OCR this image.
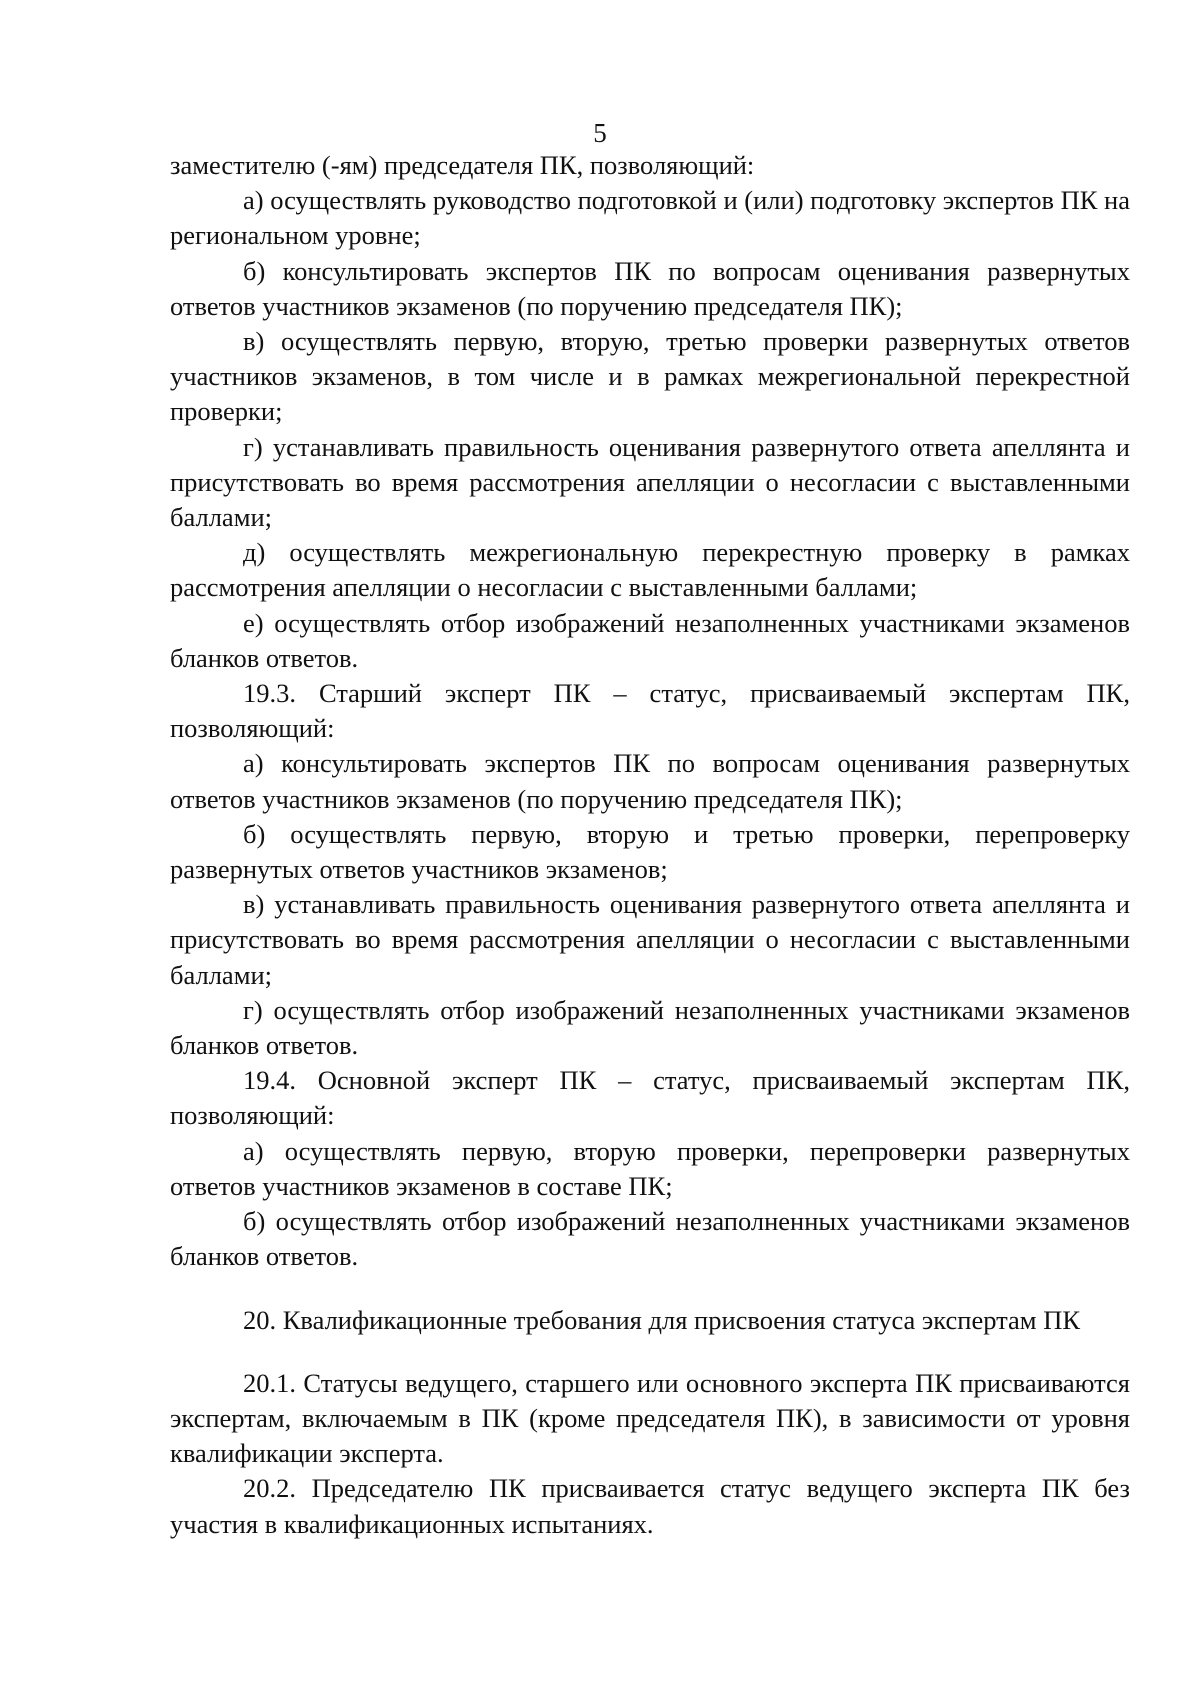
5

заместителю (-ям) председателя ПК, позволяющий:

а) осуществлять руководство подготовкой и (или) подготовку экспертов ПК на региональном уровне;

б) консультировать экспертов ПК по вопросам оценивания развернутых ответов участников экзаменов (по поручению председателя ПК);

в) осуществлять первую, вторую, третью проверки развернутых ответов участников экзаменов, в том числе и в рамках межрегиональной перекрестной проверки;

г) устанавливать правильность оценивания развернутого ответа апеллянта и присутствовать во время рассмотрения апелляции о несогласии с выставленными баллами;

д) осуществлять межрегиональную перекрестную проверку в рамках рассмотрения апелляции о несогласии с выставленными баллами;

е) осуществлять отбор изображений незаполненных участниками экзаменов бланков ответов.

19.3. Старший эксперт ПК – статус, присваиваемый экспертам ПК, позволяющий:

а) консультировать экспертов ПК по вопросам оценивания развернутых ответов участников экзаменов (по поручению председателя ПК);

б) осуществлять первую, вторую и третью проверки, перепроверку развернутых ответов участников экзаменов;

в) устанавливать правильность оценивания развернутого ответа апеллянта и присутствовать во время рассмотрения апелляции о несогласии с выставленными баллами;

г) осуществлять отбор изображений незаполненных участниками экзаменов бланков ответов.

19.4. Основной эксперт ПК – статус, присваиваемый экспертам ПК, позволяющий:

а) осуществлять первую, вторую проверки, перепроверки развернутых ответов участников экзаменов в составе ПК;

б) осуществлять отбор изображений незаполненных участниками экзаменов бланков ответов.

20. Квалификационные требования для присвоения статуса экспертам ПК

20.1. Статусы ведущего, старшего или основного эксперта ПК присваиваются экспертам, включаемым в ПК (кроме председателя ПК), в зависимости от уровня квалификации эксперта.

20.2. Председателю ПК присваивается статус ведущего эксперта ПК без участия в квалификационных испытаниях.
